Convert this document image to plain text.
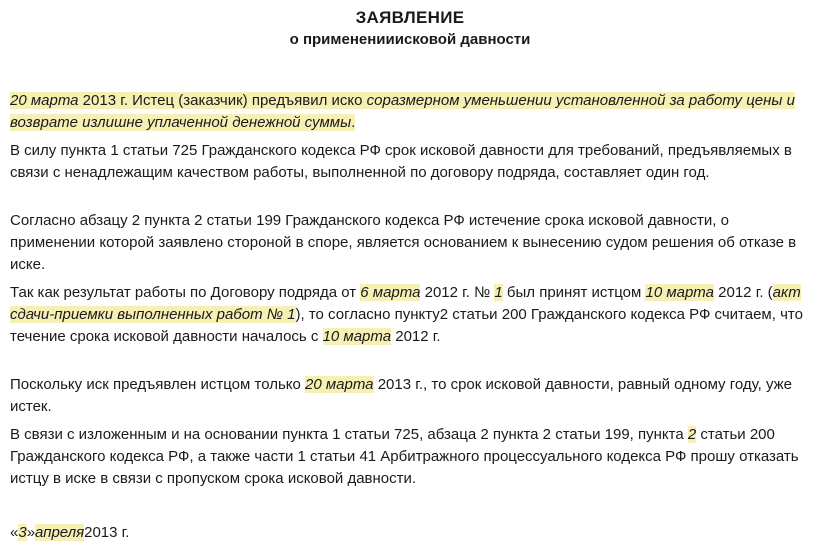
ЗАЯВЛЕНИЕ
о примененииисковой давности

20 марта 2013 г. Истец (заказчик) предъявил иско соразмерном уменьшении установленной за работу цены и возврате излишне уплаченной денежной суммы.

В силу пункта 1 статьи 725 Гражданского кодекса РФ срок исковой давности для требований, предъявляемых в связи с ненадлежащим качеством работы, выполненной по договору подряда, составляет один год.

Согласно абзацу 2 пункта 2 статьи 199 Гражданского кодекса РФ истечение срока исковой давности, о применении которой заявлено стороной в споре, является основанием к вынесению судом решения об отказе в иске.

Так как результат работы по Договору подряда от 6 марта 2012 г. № 1 был принят истцом 10 марта 2012 г. (акт сдачи-приемки выполненных работ № 1), то согласно пункту2 статьи 200 Гражданского кодекса РФ считаем, что течение срока исковой давности началось с 10 марта 2012 г.

Поскольку иск предъявлен истцом только 20 марта 2013 г., то срок исковой давности, равный одному году, уже истек.

В связи с изложенным и на основании пункта 1 статьи 725, абзаца 2 пункта 2 статьи 199, пункта 2 статьи 200 Гражданского кодекса РФ, а также части 1 статьи 41 Арбитражного процессуального кодекса РФ прошу отказать истцу в иске в связи с пропуском срока исковой давности.

«3»апреля2013 г.
